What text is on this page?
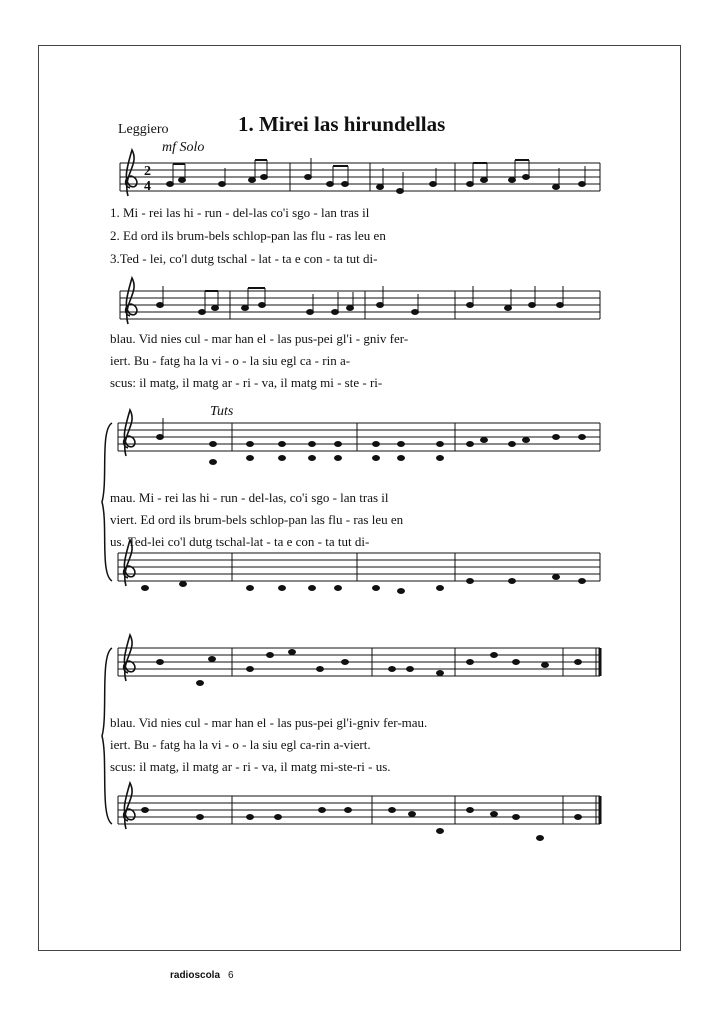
Leggiero	1. Mirei las hirundellas
mf Solo
Tuts
2
4
1. Mi - rei las hi - run - del-las co'i sgo - lan tras il
2. Ed ord ils brum-bels schlop-pan las flu - ras leu en
3.Ted - lei, co'l dutg tschal - lat - ta e con - ta tut di-
blau. Vid nies cul - mar han el - las pus-pei gl'i - gniv fer-
iert. Bu - fatg ha la vi - o - la siu egl ca - rin a-
scus: il matg, il matg ar - ri - va, il matg mi - ste - ri-
mau. Mi - rei las hi - run - del-las, co'i sgo - lan tras il
viert. Ed ord ils brum-bels schlop-pan las flu - ras leu en
us. Ted-lei co'l dutg tschal-lat - ta e con - ta tut di-
blau. Vid nies cul - mar han el - las pus-pei gl'i-gniv fer-mau.
iert. Bu - fatg ha la vi - o - la siu egl ca-rin a-viert.
scus: il matg, il matg ar - ri - va, il matg mi-ste-ri - us.
radioscola 6
